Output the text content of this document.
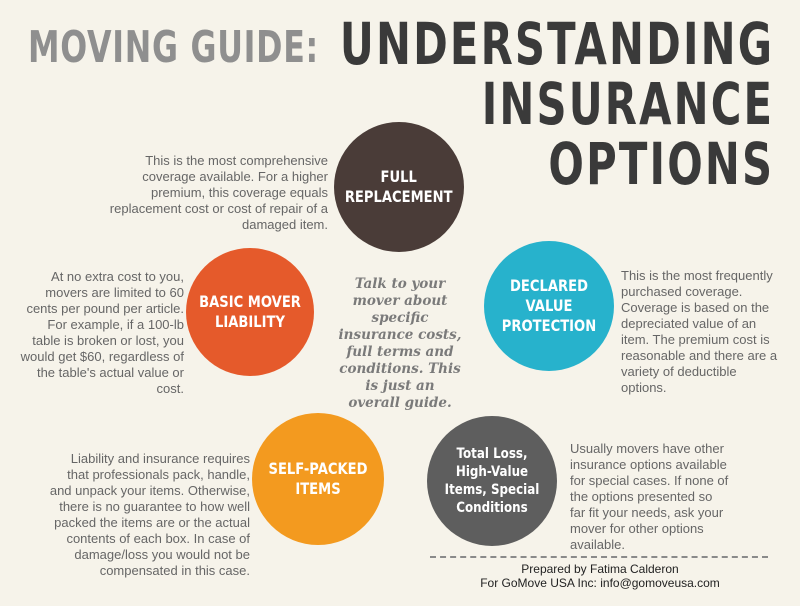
MOVING GUIDE: UNDERSTANDING
INSURANCE
OPTIONS
FULL REPLACEMENT
This is the most comprehensive coverage available. For a higher premium, this coverage equals replacement cost or cost of repair of a damaged item.
BASIC MOVER LIABILITY
At no extra cost to you, movers are limited to 60 cents per pound per article. For example, if a 100-lb table is broken or lost, you would get $60, regardless of the table's actual value or cost.
DECLARED VALUE PROTECTION
This is the most frequently purchased coverage. Coverage is based on the depreciated value of an item. The premium cost is reasonable and there are a variety of deductible options.
SELF-PACKED ITEMS
Liability and insurance requires that professionals pack, handle, and unpack your items. Otherwise, there is no guarantee to how well packed the items are or the actual contents of each box. In case of damage/loss you would not be compensated in this case.
Total Loss, High-Value Items, Special Conditions
Usually movers have other insurance options available for special cases. If none of the options presented so far fit your needs, ask your mover for other options available.
Talk to your mover about specific insurance costs, full terms and conditions. This is just an overall guide.
Prepared by Fatima Calderon
For GoMove USA Inc: info@gomoveusa.com
